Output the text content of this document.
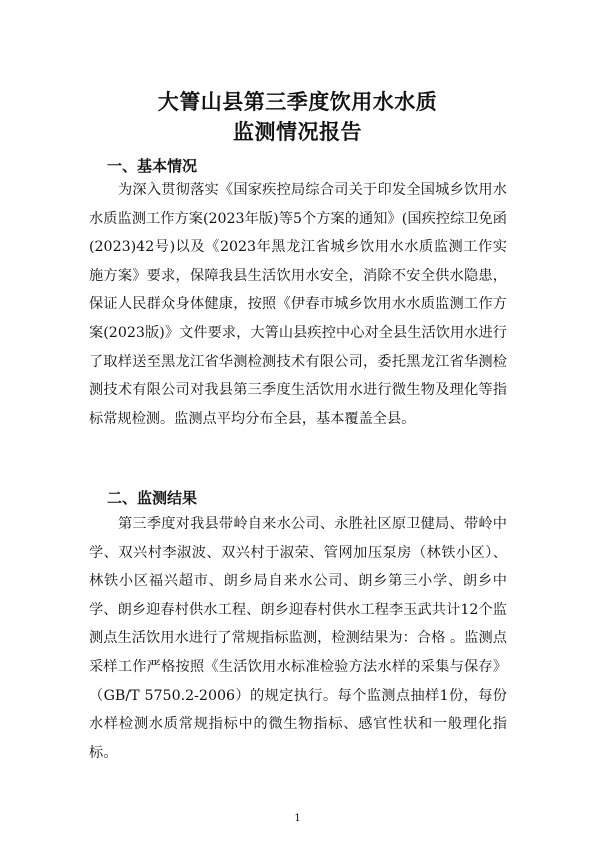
大箐山县第三季度饮用水水质
监测情况报告
一、基本情况

为深入贯彻落实《国家疾控局综合司关于印发全国城乡饮用水水质监测工作方案(2023年版)等5个方案的通知》(国疾控综卫免函(2023)42号)以及《2023年黑龙江省城乡饮用水水质监测工作实施方案》要求，保障我县生活饮用水安全，消除不安全供水隐患，保证人民群众身体健康，按照《伊春市城乡饮用水水质监测工作方案(2023版)》文件要求，大箐山县疾控中心对全县生活饮用水进行了取样送至黑龙江省华测检测技术有限公司，委托黑龙江省华测检测技术有限公司对我县第三季度生活饮用水进行微生物及理化等指标常规检测。监测点平均分布全县，基本覆盖全县。

二、监测结果

第三季度对我县带岭自来水公司、永胜社区原卫健局、带岭中学、双兴村李淑波、双兴村于淑荣、管网加压泵房（林铁小区）、林铁小区福兴超市、朗乡局自来水公司、朗乡第三小学、朗乡中学、朗乡迎春村供水工程、朗乡迎春村供水工程李玉武共计12个监测点生活饮用水进行了常规指标监测，检测结果为：合格 。监测点采样工作严格按照《生活饮用水标准检验方法水样的采集与保存》（GB/T 5750.2-2006）的规定执行。每个监测点抽样1份，每份水样检测水质常规指标中的微生物指标、感官性状和一般理化指标。

1
